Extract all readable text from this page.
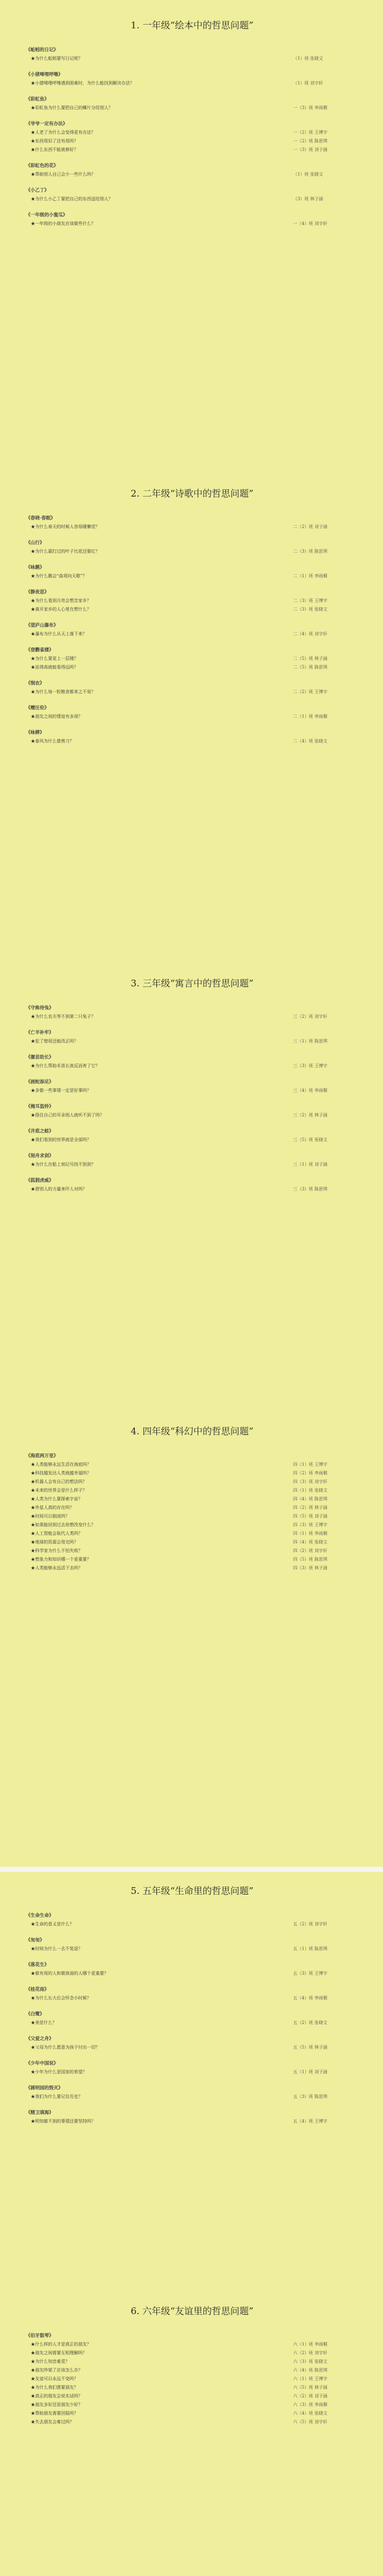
1. 一年级“绘本中的哲思问题”
《蚯蚓的日记》
★为什么蚯蚓要写日记呢？	（1）班 张晓文
《小猪唏哩呼噜》
★小猪唏哩呼噜遇到困难时，为什么能找到解决办法？	（1）班 刘宇轩
《彩虹鱼》
★彩虹鱼为什么要把自己的鳞片分给别人？	一（3）班 李雨桐
《爷爷一定有办法》
★人老了为什么会变得更有办法？	一（2）班 王博宇
★东西用旧了还有用吗？	一（2）班 陈思琪
★什么东西不能被修好？	一（3）班 刘子涵
《彩虹色的花》
★帮助别人自己会少一些什么吗？	（1）班 张晓文
《小乙丁》
★为什么小乙丁要把自己的东西送给别人？	（3）班 林子涵
《一年级的小蜜瓜》
★一年级的小朋友应该做些什么？	一（4）班 刘宇轩
2. 二年级“诗歌中的哲思问题”
《春晓·春眠》
★为什么春天的时候人容易睡懒觉？	二（2）班 刘子涵
《山行》
★为什么霜打过的叶子比花还要红？	二（3）班 陈思琪
《咏鹅》
★为什么鹅会“曲项向天歌”？	二（1）班 李雨桐
《静夜思》
★为什么看到月亮会想念家乡？	二（3）班 王博宇
★离开家乡的人心里在想什么？	二（3）班 张晓文
《望庐山瀑布》
★瀑布为什么从天上落下来？	二（4）班 刘宇轩
《登鹳雀楼》
★为什么要更上一层楼？	二（5）班 林子涵
★站得高就能看得远吗？	二（5）班 陈思琪
《悯农》
★为什么每一粒粮食都来之不易？	二（2）班 王博宇
《赠汪伦》
★朋友之间的情谊有多深？	二（1）班 李雨桐
《咏柳》
★春风为什么像剪刀？	二（4）班 张晓文
3. 三年级“寓言中的哲思问题”
《守株待兔》
★为什么农夫等不到第二只兔子？	三（2）班 刘宇轩
《亡羊补牢》
★犯了错误还能改正吗？	三（1）班 陈思琪
《揠苗助长》
★为什么帮助禾苗长高反而害了它？	三（3）班 王博宇
《画蛇添足》
★多做一些事情一定是好事吗？	三（4）班 李雨桐
《掩耳盗铃》
★捂住自己的耳朵别人就听不到了吗？	三（2）班 林子涵
《井底之蛙》
★我们看到的世界就是全部吗？	三（5）班 张晓文
《刻舟求剑》
★为什么在船上刻记号找不到剑？	三（1）班 刘子涵
《狐假虎威》
★借别人的力量来吓人对吗？	三（3）班 陈思琪
4. 四年级“科幻中的哲思问题”
《海底两万里》
★人类能够永远生活在海底吗？	四（1）班 王博宇
★科技越发达人类就越幸福吗？	四（2）班 李雨桐
★机器人会有自己的想法吗？	四（3）班 刘宇轩
★未来的世界会是什么样子？	四（1）班 张晓文
★人类为什么要探索宇宙？	四（4）班 陈思琪
★外星人真的存在吗？	四（2）班 林子涵
★时间可以倒流吗？	四（5）班 刘子涵
★如果能回到过去你想改变什么？	四（3）班 王博宇
★人工智能会取代人类吗？	四（1）班 李雨桐
★地球的资源会用完吗？	四（4）班 张晓文
★科学家为什么不怕失败？	四（2）班 刘宇轩
★想象力和知识哪一个更重要？	四（5）班 陈思琪
★人类能够永远活下去吗？	四（3）班 林子涵
5. 五年级“生命里的哲思问题”
《生命生命》
★生命的意义是什么？	五（2）班 刘宇轩
《匆匆》
★时间为什么一去不复返？	五（1）班 陈思琪
《落花生》
★做有用的人和做体面的人哪个更重要？	五（3）班 王博宇
《桂花雨》
★为什么长大后会怀念小时候？	五（4）班 李雨桐
《白鹭》
★美是什么？	五（2）班 张晓文
《父爱之舟》
★父母为什么愿意为孩子付出一切？	五（5）班 林子涵
《少年中国说》
★少年为什么是国家的希望？	五（1）班 刘子涵
《圆明园的毁灭》
★我们为什么要记住历史？	五（3）班 陈思琪
《精卫填海》
★明知做不到的事情还要坚持吗？	五（4）班 王博宇
6. 六年级“友谊里的哲思问题”
《伯牙鼓琴》
★什么样的人才是真正的朋友？	六（1）班 李雨桐
★朋友之间需要互相理解吗？	六（2）班 刘宇轩
★为什么知音难觅？	六（3）班 张晓文
★朋友吵架了应该怎么办？	六（4）班 陈思琪
★友谊可以永远不变吗？	六（1）班 王博宇
★为什么我们需要朋友？	六（5）班 林子涵
★真正的朋友会说实话吗？	六（2）班 刘子涵
★朋友多好还是朋友少好？	六（3）班 李雨桐
★帮助朋友需要回报吗？	六（4）班 张晓文
★失去朋友会难过吗？	六（5）班 刘宇轩
